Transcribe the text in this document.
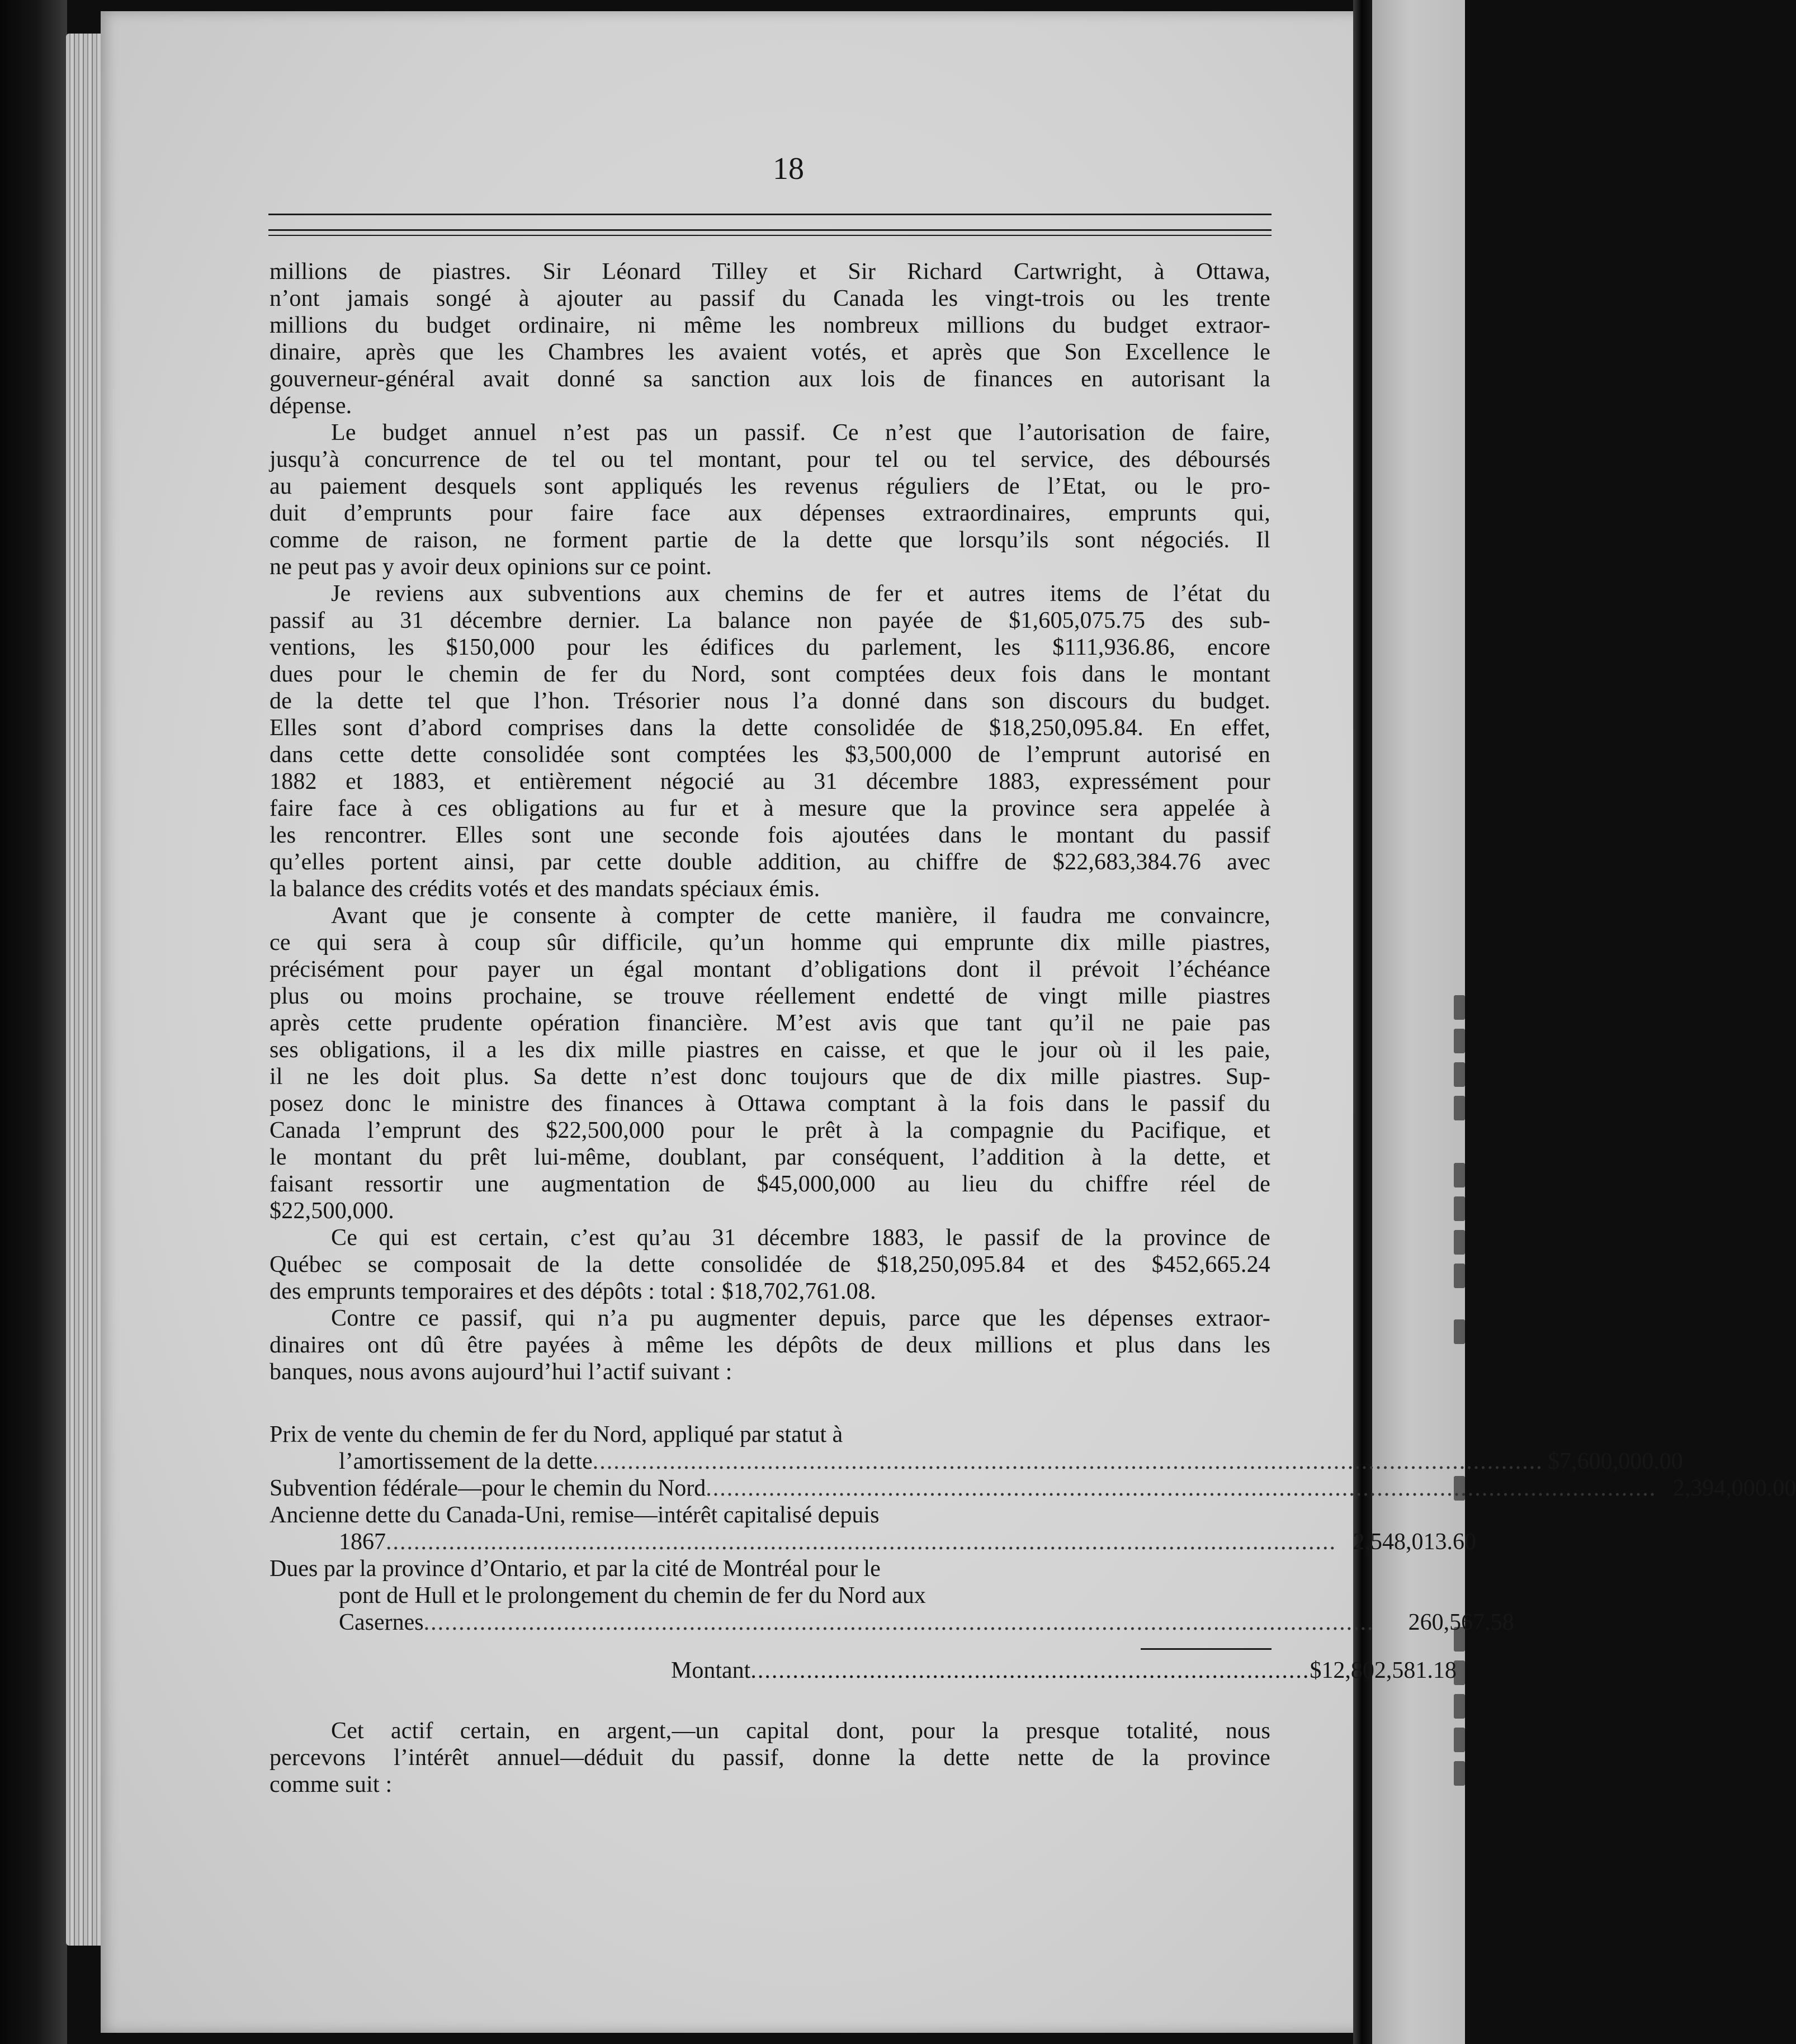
18
millions de piastres. Sir Léonard Tilley et Sir Richard Cartwright, à Ottawa,
n’ont jamais songé à ajouter au passif du Canada les vingt-trois ou les trente
millions du budget ordinaire, ni même les nombreux millions du budget extraor-
dinaire, après que les Chambres les avaient votés, et après que Son Excellence le
gouverneur-général avait donné sa sanction aux lois de finances en autorisant la
dépense.
Le budget annuel n’est pas un passif. Ce n’est que l’autorisation de faire,
jusqu’à concurrence de tel ou tel montant, pour tel ou tel service, des déboursés
au paiement desquels sont appliqués les revenus réguliers de l’Etat, ou le pro-
duit d’emprunts pour faire face aux dépenses extraordinaires, emprunts qui,
comme de raison, ne forment partie de la dette que lorsqu’ils sont négociés. Il
ne peut pas y avoir deux opinions sur ce point.
Je reviens aux subventions aux chemins de fer et autres items de l’état du
passif au 31 décembre dernier. La balance non payée de $1,605,075.75 des sub-
ventions, les $150,000 pour les édifices du parlement, les $111,936.86, encore
dues pour le chemin de fer du Nord, sont comptées deux fois dans le montant
de la dette tel que l’hon. Trésorier nous l’a donné dans son discours du budget.
Elles sont d’abord comprises dans la dette consolidée de $18,250,095.84. En effet,
dans cette dette consolidée sont comptées les $3,500,000 de l’emprunt autorisé en
1882 et 1883, et entièrement négocié au 31 décembre 1883, expressément pour
faire face à ces obligations au fur et à mesure que la province sera appelée à
les rencontrer. Elles sont une seconde fois ajoutées dans le montant du passif
qu’elles portent ainsi, par cette double addition, au chiffre de $22,683,384.76 avec
la balance des crédits votés et des mandats spéciaux émis.
Avant que je consente à compter de cette manière, il faudra me convaincre,
ce qui sera à coup sûr difficile, qu’un homme qui emprunte dix mille piastres,
précisément pour payer un égal montant d’obligations dont il prévoit l’échéance
plus ou moins prochaine, se trouve réellement endetté de vingt mille piastres
après cette prudente opération financière. M’est avis que tant qu’il ne paie pas
ses obligations, il a les dix mille piastres en caisse, et que le jour où il les paie,
il ne les doit plus. Sa dette n’est donc toujours que de dix mille piastres. Sup-
posez donc le ministre des finances à Ottawa comptant à la fois dans le passif du
Canada l’emprunt des $22,500,000 pour le prêt à la compagnie du Pacifique, et
le montant du prêt lui-même, doublant, par conséquent, l’addition à la dette, et
faisant ressortir une augmentation de $45,000,000 au lieu du chiffre réel de
$22,500,000.
Ce qui est certain, c’est qu’au 31 décembre 1883, le passif de la province de
Québec se composait de la dette consolidée de $18,250,095.84 et des $452,665.24
des emprunts temporaires et des dépôts : total : $18,702,761.08.
Contre ce passif, qui n’a pu augmenter depuis, parce que les dépenses extraor-
dinaires ont dû être payées à même les dépôts de deux millions et plus dans les
banques, nous avons aujourd’hui l’actif suivant :
Prix de vente du chemin de fer du Nord, appliqué par statut à
l’amortissement de la dette ........................................................................................................................................ $7,600,000.00
Subvention fédérale—pour le chemin du Nord ........................................................................................................................................ 2,394,000.00
Ancienne dette du Canada-Uni, remise—intérêt capitalisé depuis
1867 ........................................................................................................................................ 2,548,013.60
Dues par la province d’Ontario, et par la cité de Montréal pour le
pont de Hull et le prolongement du chemin de fer du Nord aux
Casernes ........................................................................................................................................	260,567.58
Montant ................................................................................ $12,802,581.18
Cet actif certain, en argent,—un capital dont, pour la presque totalité, nous
percevons l’intérêt annuel—déduit du passif, donne la dette nette de la province
comme suit :
